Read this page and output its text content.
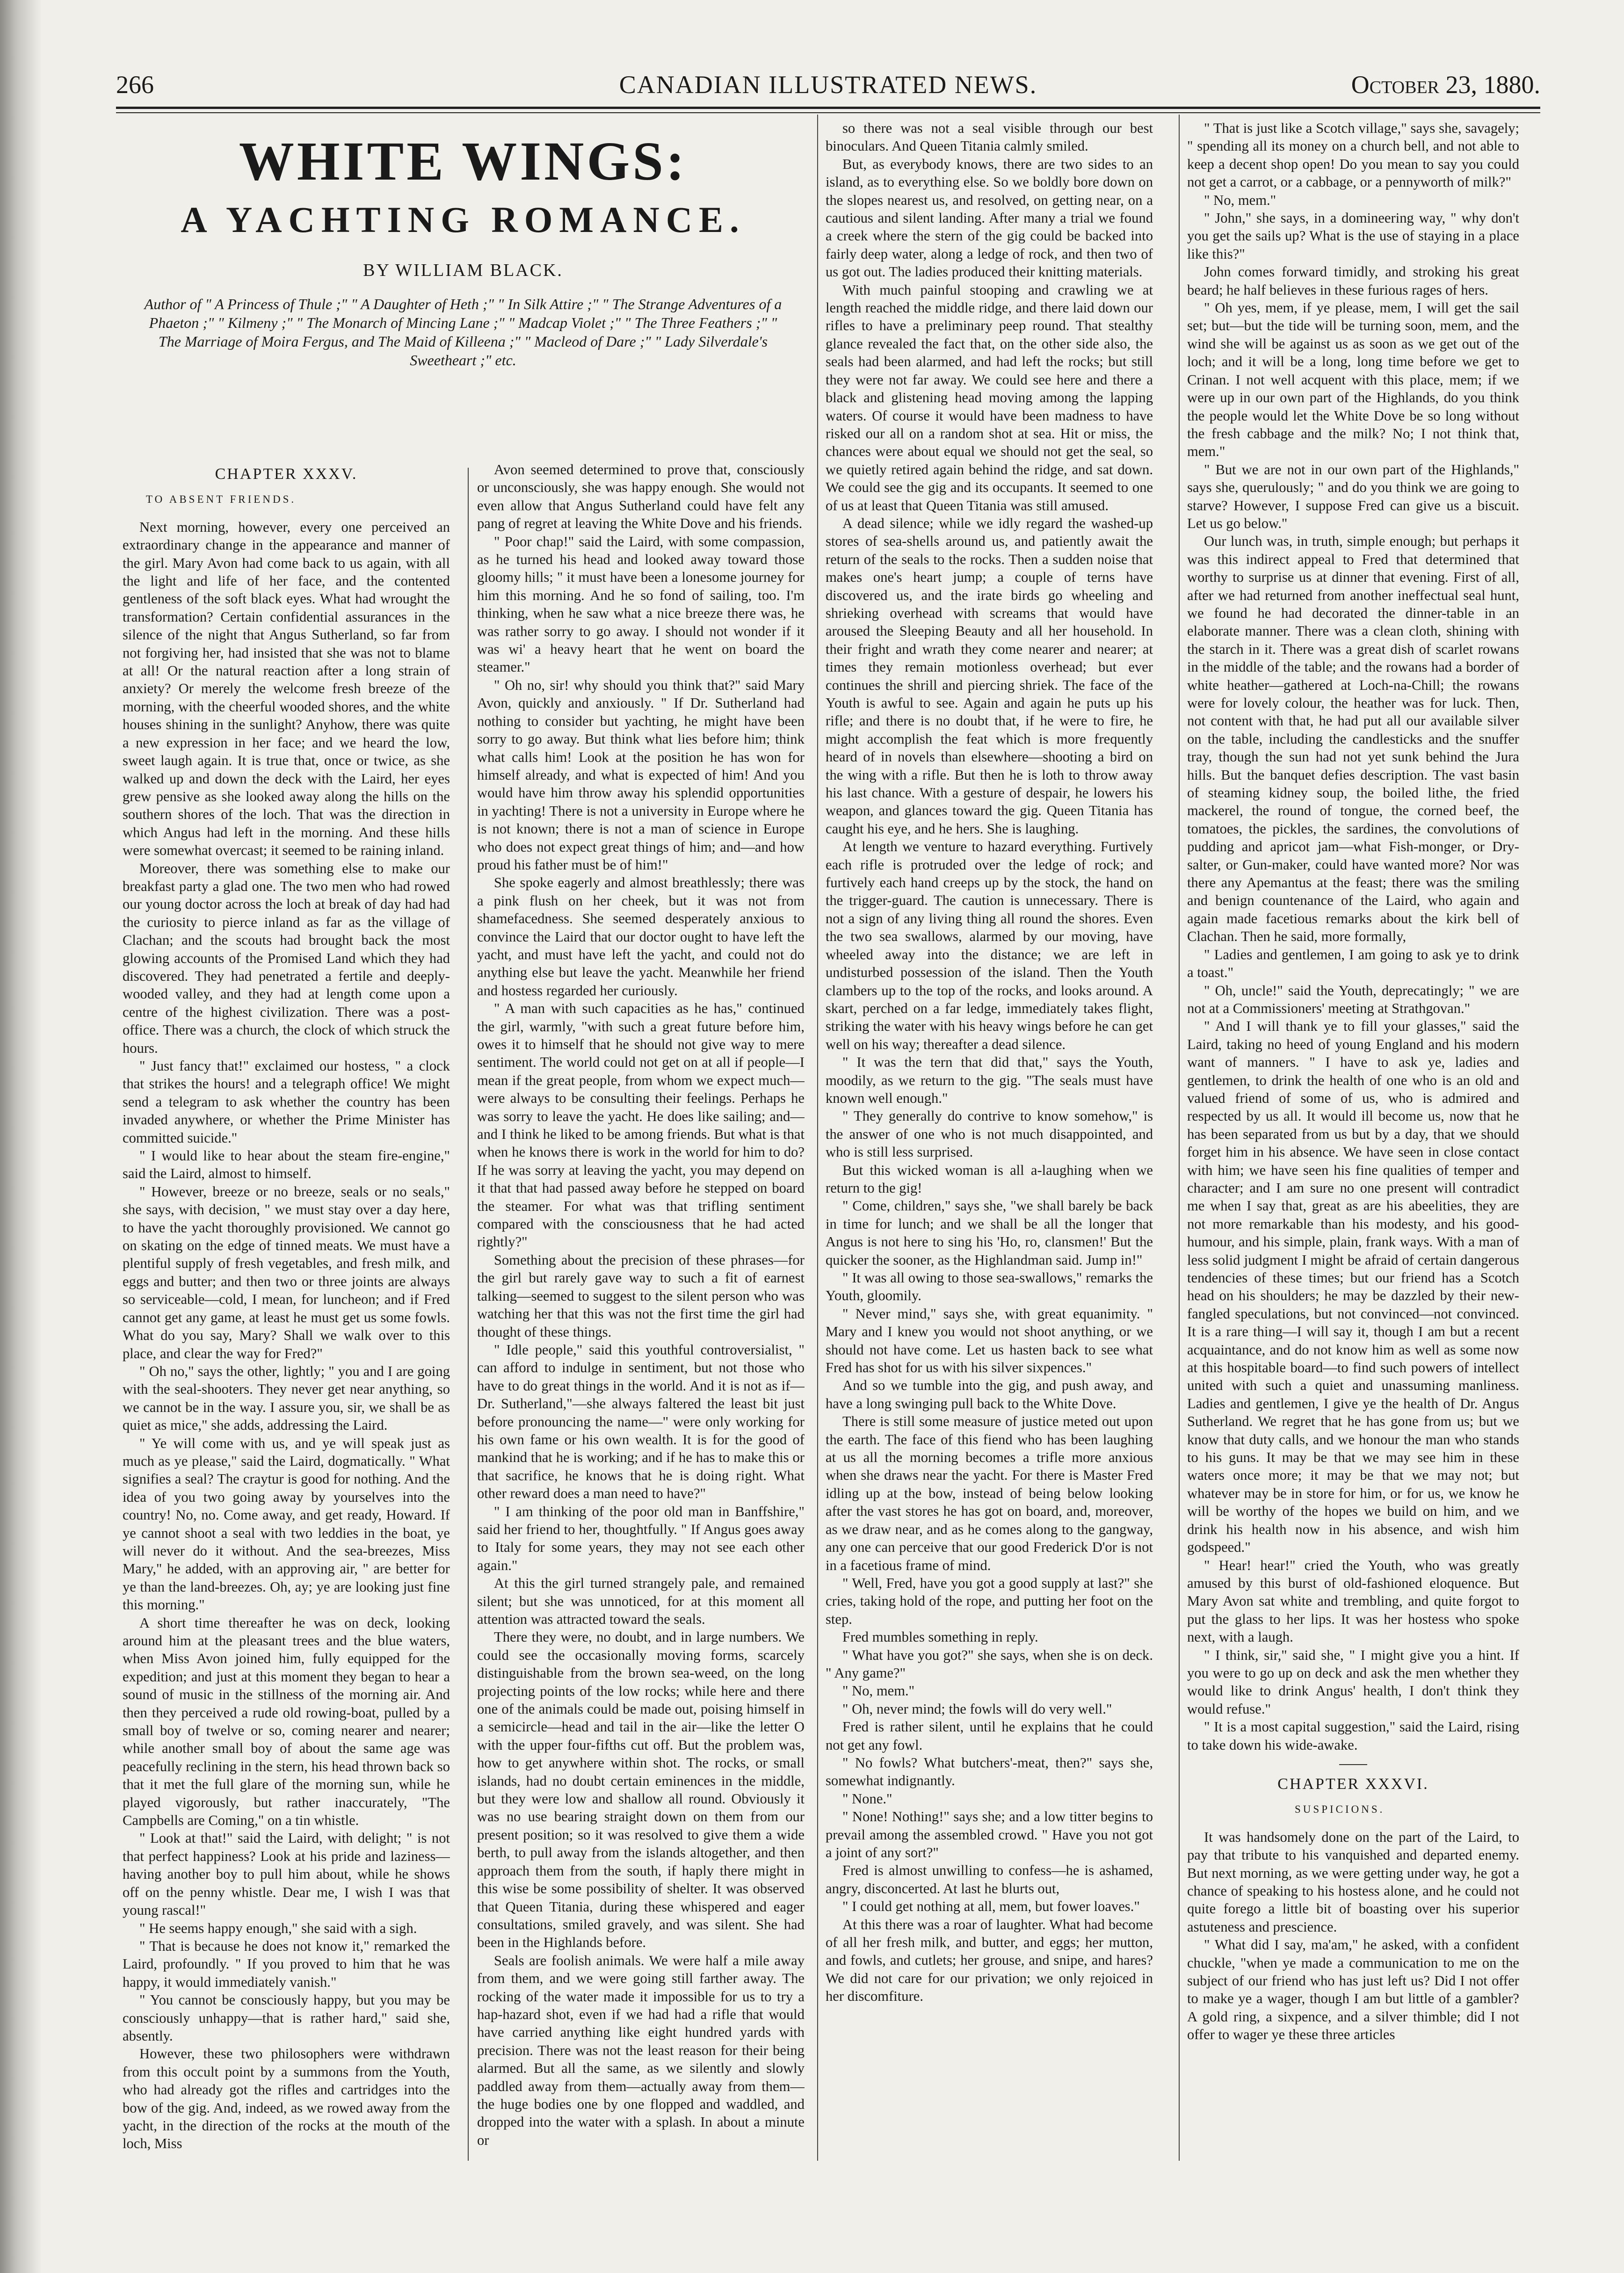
266	CANADIAN ILLUSTRATED NEWS.	October 23, 1880.
WHITE WINGS:
A YACHTING ROMANCE.
BY WILLIAM BLACK.
Author of " A Princess of Thule ;" " A Daughter of Heth ;" " In Silk Attire ;" " The Strange Adventures of a Phaeton ;" " Kilmeny ;" " The Monarch of Mincing Lane ;" " Madcap Violet ;" " The Three Feathers ;" " The Marriage of Moira Fergus, and The Maid of Killeena ;" " Macleod of Dare ;" " Lady Silverdale's Sweetheart ;" etc.
CHAPTER XXXV.
TO ABSENT FRIENDS.

Next morning, however, every one perceived an extraordinary change in the appearance and manner of the girl. Mary Avon had come back to us again, with all the light and life of her face, and the contented gentleness of the soft black eyes. What had wrought the transformation? Certain confidential assurances in the silence of the night that Angus Sutherland, so far from not forgiving her, had insisted that she was not to blame at all! Or the natural reaction after a long strain of anxiety? Or merely the welcome fresh breeze of the morning, with the cheerful wooded shores, and the white houses shining in the sunlight? Anyhow, there was quite a new expression in her face; and we heard the low, sweet laugh again. It is true that, once or twice, as she walked up and down the deck with the Laird, her eyes grew pensive as she looked away along the hills on the southern shores of the loch. That was the direction in which Angus had left in the morning. And these hills were somewhat overcast; it seemed to be raining inland.

Moreover, there was something else to make our breakfast party a glad one. The two men who had rowed our young doctor across the loch at break of day had had the curiosity to pierce inland as far as the village of Clachan; and the scouts had brought back the most glowing accounts of the Promised Land which they had discovered. They had penetrated a fertile and deeply-wooded valley, and they had at length come upon a centre of the highest civilization. There was a post-office. There was a church, the clock of which struck the hours.

" Just fancy that!" exclaimed our hostess, " a clock that strikes the hours! and a telegraph office! We might send a telegram to ask whether the country has been invaded anywhere, or whether the Prime Minister has committed suicide."

" I would like to hear about the steam fire-engine," said the Laird, almost to himself.

" However, breeze or no breeze, seals or no seals," she says, with decision, " we must stay over a day here, to have the yacht thoroughly provisioned. We cannot go on skating on the edge of tinned meats. We must have a plentiful supply of fresh vegetables, and fresh milk, and eggs and butter; and then two or three joints are always so serviceable—cold, I mean, for luncheon; and if Fred cannot get any game, at least he must get us some fowls. What do you say, Mary? Shall we walk over to this place, and clear the way for Fred?"

" Oh no," says the other, lightly; " you and I are going with the seal-shooters. They never get near anything, so we cannot be in the way. I assure you, sir, we shall be as quiet as mice," she adds, addressing the Laird.

" Ye will come with us, and ye will speak just as much as ye please," said the Laird, dogmatically. " What signifies a seal? The craytur is good for nothing. And the idea of you two going away by yourselves into the country! No, no. Come away, and get ready, Howard. If ye cannot shoot a seal with two leddies in the boat, ye will never do it without. And the sea-breezes, Miss Mary," he added, with an approving air, " are better for ye than the land-breezes. Oh, ay; ye are looking just fine this morning."

A short time thereafter he was on deck, looking around him at the pleasant trees and the blue waters, when Miss Avon joined him, fully equipped for the expedition; and just at this moment they began to hear a sound of music in the stillness of the morning air. And then they perceived a rude old rowing-boat, pulled by a small boy of twelve or so, coming nearer and nearer; while another small boy of about the same age was peacefully reclining in the stern, his head thrown back so that it met the full glare of the morning sun, while he played vigorously, but rather inaccurately, "The Campbells are Coming," on a tin whistle.

" Look at that!" said the Laird, with delight; " is not that perfect happiness? Look at his pride and laziness—having another boy to pull him about, while he shows off on the penny whistle. Dear me, I wish I was that young rascal!"

" He seems happy enough," she said with a sigh.

" That is because he does not know it," remarked the Laird, profoundly. " If you proved to him that he was happy, it would immediately vanish."

" You cannot be consciously happy, but you may be consciously unhappy—that is rather hard," said she, absently.

However, these two philosophers were withdrawn from this occult point by a summons from the Youth, who had already got the rifles and cartridges into the bow of the gig. And, indeed, as we rowed away from the yacht, in the direction of the rocks at the mouth of the loch, Miss

Avon seemed determined to prove that, consciously or unconsciously, she was happy enough. She would not even allow that Angus Sutherland could have felt any pang of regret at leaving the White Dove and his friends.

" Poor chap!" said the Laird, with some compassion, as he turned his head and looked away toward those gloomy hills; " it must have been a lonesome journey for him this morning. And he so fond of sailing, too. I'm thinking, when he saw what a nice breeze there was, he was rather sorry to go away. I should not wonder if it was wi' a heavy heart that he went on board the steamer."

" Oh no, sir! why should you think that?" said Mary Avon, quickly and anxiously. " If Dr. Sutherland had nothing to consider but yachting, he might have been sorry to go away. But think what lies before him; think what calls him! Look at the position he has won for himself already, and what is expected of him! And you would have him throw away his splendid opportunities in yachting! There is not a university in Europe where he is not known; there is not a man of science in Europe who does not expect great things of him; and—and how proud his father must be of him!"

She spoke eagerly and almost breathlessly; there was a pink flush on her cheek, but it was not from shamefacedness. She seemed desperately anxious to convince the Laird that our doctor ought to have left the yacht, and must have left the yacht, and could not do anything else but leave the yacht. Meanwhile her friend and hostess regarded her curiously.

" A man with such capacities as he has," continued the girl, warmly, "with such a great future before him, owes it to himself that he should not give way to mere sentiment. The world could not get on at all if people—I mean if the great people, from whom we expect much—were always to be consulting their feelings. Perhaps he was sorry to leave the yacht. He does like sailing; and—and I think he liked to be among friends. But what is that when he knows there is work in the world for him to do? If he was sorry at leaving the yacht, you may depend on it that that had passed away before he stepped on board the steamer. For what was that trifling sentiment compared with the consciousness that he had acted rightly?"

Something about the precision of these phrases—for the girl but rarely gave way to such a fit of earnest talking—seemed to suggest to the silent person who was watching her that this was not the first time the girl had thought of these things.

" Idle people," said this youthful controversialist, " can afford to indulge in sentiment, but not those who have to do great things in the world. And it is not as if—Dr. Sutherland,"—she always faltered the least bit just before pronouncing the name—" were only working for his own fame or his own wealth. It is for the good of mankind that he is working; and if he has to make this or that sacrifice, he knows that he is doing right. What other reward does a man need to have?"

" I am thinking of the poor old man in Banffshire," said her friend to her, thoughtfully. " If Angus goes away to Italy for some years, they may not see each other again."

At this the girl turned strangely pale, and remained silent; but she was unnoticed, for at this moment all attention was attracted toward the seals.

There they were, no doubt, and in large numbers. We could see the occasionally moving forms, scarcely distinguishable from the brown sea-weed, on the long projecting points of the low rocks; while here and there one of the animals could be made out, poising himself in a semicircle—head and tail in the air—like the letter O with the upper four-fifths cut off. But the problem was, how to get anywhere within shot. The rocks, or small islands, had no doubt certain eminences in the middle, but they were low and shallow all round. Obviously it was no use bearing straight down on them from our present position; so it was resolved to give them a wide berth, to pull away from the islands altogether, and then approach them from the south, if haply there might in this wise be some possibility of shelter. It was observed that Queen Titania, during these whispered and eager consultations, smiled gravely, and was silent. She had been in the Highlands before.

Seals are foolish animals. We were half a mile away from them, and we were going still farther away. The rocking of the water made it impossible for us to try a hap-hazard shot, even if we had had a rifle that would have carried anything like eight hundred yards with precision. There was not the least reason for their being alarmed. But all the same, as we silently and slowly paddled away from them—actually away from them—the huge bodies one by one flopped and waddled, and dropped into the water with a splash. In about a minute or

so there was not a seal visible through our best binoculars. And Queen Titania calmly smiled.

But, as everybody knows, there are two sides to an island, as to everything else. So we boldly bore down on the slopes nearest us, and resolved, on getting near, on a cautious and silent landing. After many a trial we found a creek where the stern of the gig could be backed into fairly deep water, along a ledge of rock, and then two of us got out. The ladies produced their knitting materials.

With much painful stooping and crawling we at length reached the middle ridge, and there laid down our rifles to have a preliminary peep round. That stealthy glance revealed the fact that, on the other side also, the seals had been alarmed, and had left the rocks; but still they were not far away. We could see here and there a black and glistening head moving among the lapping waters. Of course it would have been madness to have risked our all on a random shot at sea. Hit or miss, the chances were about equal we should not get the seal, so we quietly retired again behind the ridge, and sat down. We could see the gig and its occupants. It seemed to one of us at least that Queen Titania was still amused.

A dead silence; while we idly regard the washed-up stores of sea-shells around us, and patiently await the return of the seals to the rocks. Then a sudden noise that makes one's heart jump; a couple of terns have discovered us, and the irate birds go wheeling and shrieking overhead with screams that would have aroused the Sleeping Beauty and all her household. In their fright and wrath they come nearer and nearer; at times they remain motionless overhead; but ever continues the shrill and piercing shriek. The face of the Youth is awful to see. Again and again he puts up his rifle; and there is no doubt that, if he were to fire, he might accomplish the feat which is more frequently heard of in novels than elsewhere—shooting a bird on the wing with a rifle. But then he is loth to throw away his last chance. With a gesture of despair, he lowers his weapon, and glances toward the gig. Queen Titania has caught his eye, and he hers. She is laughing.

At length we venture to hazard everything. Furtively each rifle is protruded over the ledge of rock; and furtively each hand creeps up by the stock, the hand on the trigger-guard. The caution is unnecessary. There is not a sign of any living thing all round the shores. Even the two sea swallows, alarmed by our moving, have wheeled away into the distance; we are left in undisturbed possession of the island. Then the Youth clambers up to the top of the rocks, and looks around. A skart, perched on a far ledge, immediately takes flight, striking the water with his heavy wings before he can get well on his way; thereafter a dead silence.

" It was the tern that did that," says the Youth, moodily, as we return to the gig. "The seals must have known well enough."

" They generally do contrive to know somehow," is the answer of one who is not much disappointed, and who is still less surprised.

But this wicked woman is all a-laughing when we return to the gig!

" Come, children," says she, "we shall barely be back in time for lunch; and we shall be all the longer that Angus is not here to sing his 'Ho, ro, clansmen!' But the quicker the sooner, as the Highlandman said. Jump in!"

" It was all owing to those sea-swallows," remarks the Youth, gloomily.

" Never mind," says she, with great equanimity. " Mary and I knew you would not shoot anything, or we should not have come. Let us hasten back to see what Fred has shot for us with his silver sixpences."

And so we tumble into the gig, and push away, and have a long swinging pull back to the White Dove.

There is still some measure of justice meted out upon the earth. The face of this fiend who has been laughing at us all the morning becomes a trifle more anxious when she draws near the yacht. For there is Master Fred idling up at the bow, instead of being below looking after the vast stores he has got on board, and, moreover, as we draw near, and as he comes along to the gangway, any one can perceive that our good Frederick D'or is not in a facetious frame of mind.

" Well, Fred, have you got a good supply at last?" she cries, taking hold of the rope, and putting her foot on the step.

Fred mumbles something in reply.

" What have you got?" she says, when she is on deck. " Any game?"

" No, mem."

" Oh, never mind; the fowls will do very well."

Fred is rather silent, until he explains that he could not get any fowl.

" No fowls? What butchers'-meat, then?" says she, somewhat indignantly.

" None."

" None! Nothing!" says she; and a low titter begins to prevail among the assembled crowd. " Have you not got a joint of any sort?"

Fred is almost unwilling to confess—he is ashamed, angry, disconcerted. At last he blurts out,

" I could get nothing at all, mem, but fower loaves."

At this there was a roar of laughter. What had become of all her fresh milk, and butter, and eggs; her mutton, and fowls, and cutlets; her grouse, and snipe, and hares? We did not care for our privation; we only rejoiced in her discomfiture.

" That is just like a Scotch village," says she, savagely; " spending all its money on a church bell, and not able to keep a decent shop open! Do you mean to say you could not get a carrot, or a cabbage, or a pennyworth of milk?"

" No, mem."

" John," she says, in a domineering way, " why don't you get the sails up? What is the use of staying in a place like this?"

John comes forward timidly, and stroking his great beard; he half believes in these furious rages of hers.

" Oh yes, mem, if ye please, mem, I will get the sail set; but—but the tide will be turning soon, mem, and the wind she will be against us as soon as we get out of the loch; and it will be a long, long time before we get to Crinan. I not well acquent with this place, mem; if we were up in our own part of the Highlands, do you think the people would let the White Dove be so long without the fresh cabbage and the milk? No; I not think that, mem."

" But we are not in our own part of the Highlands," says she, querulously; " and do you think we are going to starve? However, I suppose Fred can give us a biscuit. Let us go below."

Our lunch was, in truth, simple enough; but perhaps it was this indirect appeal to Fred that determined that worthy to surprise us at dinner that evening. First of all, after we had returned from another ineffectual seal hunt, we found he had decorated the dinner-table in an elaborate manner. There was a clean cloth, shining with the starch in it. There was a great dish of scarlet rowans in the middle of the table; and the rowans had a border of white heather—gathered at Loch-na-Chill; the rowans were for lovely colour, the heather was for luck. Then, not content with that, he had put all our available silver on the table, including the candlesticks and the snuffer tray, though the sun had not yet sunk behind the Jura hills. But the banquet defies description. The vast basin of steaming kidney soup, the boiled lithe, the fried mackerel, the round of tongue, the corned beef, the tomatoes, the pickles, the sardines, the convolutions of pudding and apricot jam—what Fish-monger, or Dry-salter, or Gun-maker, could have wanted more? Nor was there any Apemantus at the feast; there was the smiling and benign countenance of the Laird, who again and again made facetious remarks about the kirk bell of Clachan. Then he said, more formally,

" Ladies and gentlemen, I am going to ask ye to drink a toast."

" Oh, uncle!" said the Youth, deprecatingly; " we are not at a Commissioners' meeting at Strathgovan."

" And I will thank ye to fill your glasses," said the Laird, taking no heed of young England and his modern want of manners. " I have to ask ye, ladies and gentlemen, to drink the health of one who is an old and valued friend of some of us, who is admired and respected by us all. It would ill become us, now that he has been separated from us but by a day, that we should forget him in his absence. We have seen in close contact with him; we have seen his fine qualities of temper and character; and I am sure no one present will contradict me when I say that, great as are his abeelities, they are not more remarkable than his modesty, and his good-humour, and his simple, plain, frank ways. With a man of less solid judgment I might be afraid of certain dangerous tendencies of these times; but our friend has a Scotch head on his shoulders; he may be dazzled by their new-fangled speculations, but not convinced—not convinced. It is a rare thing—I will say it, though I am but a recent acquaintance, and do not know him as well as some now at this hospitable board—to find such powers of intellect united with such a quiet and unassuming manliness. Ladies and gentlemen, I give ye the health of Dr. Angus Sutherland. We regret that he has gone from us; but we know that duty calls, and we honour the man who stands to his guns. It may be that we may see him in these waters once more; it may be that we may not; but whatever may be in store for him, or for us, we know he will be worthy of the hopes we build on him, and we drink his health now in his absence, and wish him godspeed."

" Hear! hear!" cried the Youth, who was greatly amused by this burst of old-fashioned eloquence. But Mary Avon sat white and trembling, and quite forgot to put the glass to her lips. It was her hostess who spoke next, with a laugh.

" I think, sir," said she, " I might give you a hint. If you were to go up on deck and ask the men whether they would like to drink Angus' health, I don't think they would refuse."

" It is a most capital suggestion," said the Laird, rising to take down his wide-awake.

CHAPTER XXXVI.
SUSPICIONS.

It was handsomely done on the part of the Laird, to pay that tribute to his vanquished and departed enemy. But next morning, as we were getting under way, he got a chance of speaking to his hostess alone, and he could not quite forego a little bit of boasting over his superior astuteness and prescience.

" What did I say, ma'am," he asked, with a confident chuckle, "when ye made a communication to me on the subject of our friend who has just left us? Did I not offer to make ye a wager, though I am but little of a gambler? A gold ring, a sixpence, and a silver thimble; did I not offer to wager ye these three articles
